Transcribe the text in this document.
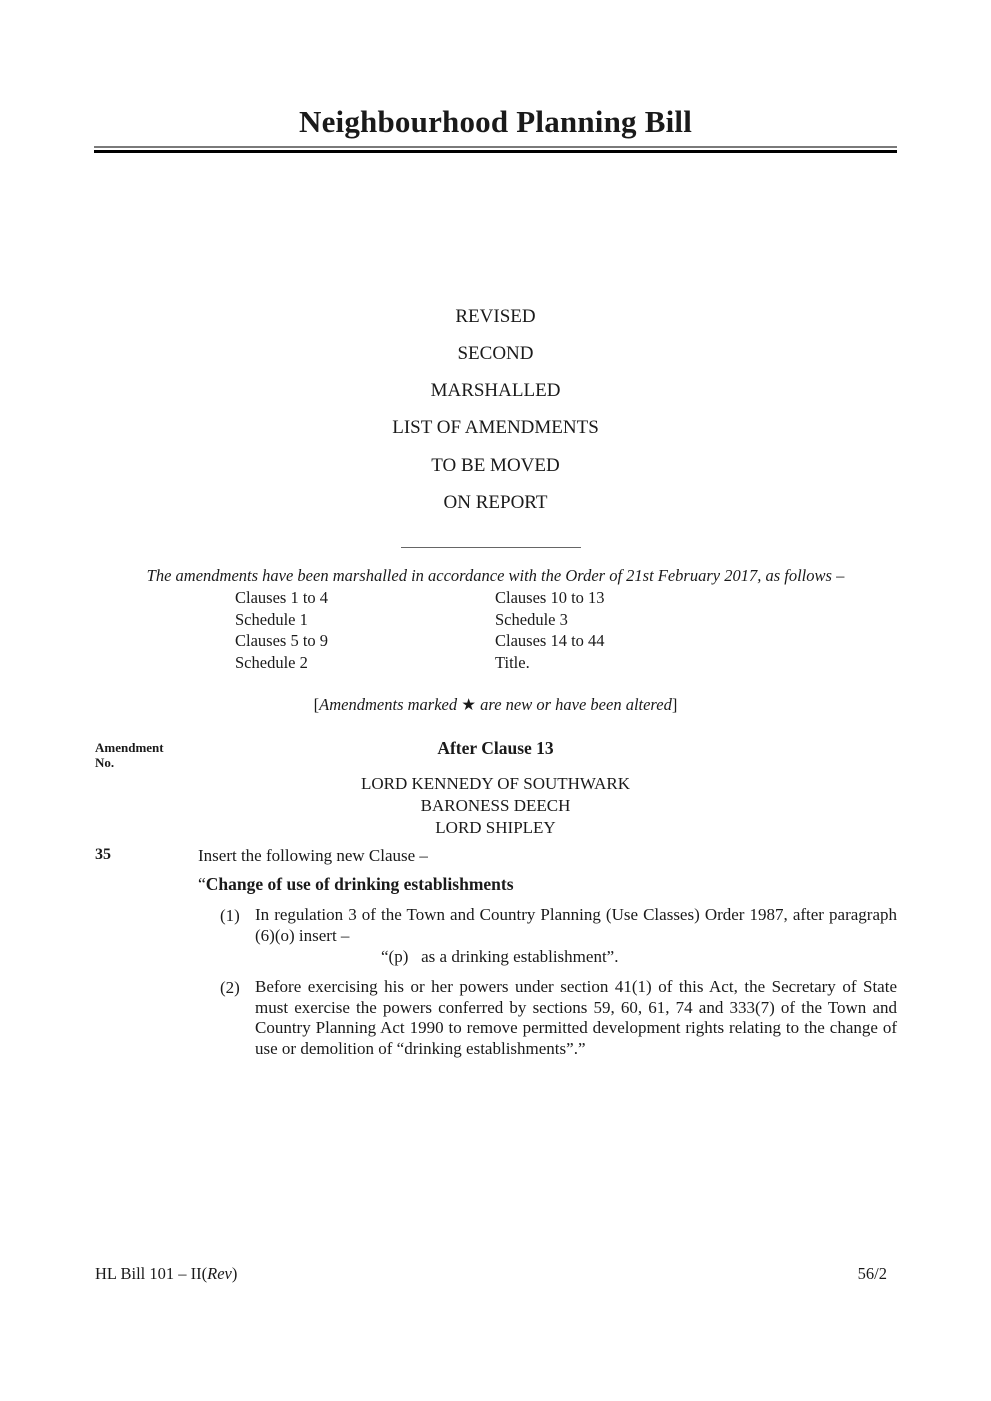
Neighbourhood Planning Bill
REVISED
SECOND
MARSHALLED
LIST OF AMENDMENTS
TO BE MOVED
ON REPORT
The amendments have been marshalled in accordance with the Order of 21st February 2017, as follows –
Clauses 1 to 4
Schedule 1
Clauses 5 to 9
Schedule 2
Clauses 10 to 13
Schedule 3
Clauses 14 to 44
Title.
[Amendments marked ★ are new or have been altered]
Amendment
No.
After Clause 13
LORD KENNEDY OF SOUTHWARK
BARONESS DEECH
LORD SHIPLEY
35	Insert the following new Clause –
“Change of use of drinking establishments
(1) In regulation 3 of the Town and Country Planning (Use Classes) Order 1987, after paragraph (6)(o) insert –
“(p)   as a drinking establishment”.
(2) Before exercising his or her powers under section 41(1) of this Act, the Secretary of State must exercise the powers conferred by sections 59, 60, 61, 74 and 333(7) of the Town and Country Planning Act 1990 to remove permitted development rights relating to the change of use or demolition of “drinking establishments”.”
HL Bill 101 – II(Rev)	56/2
